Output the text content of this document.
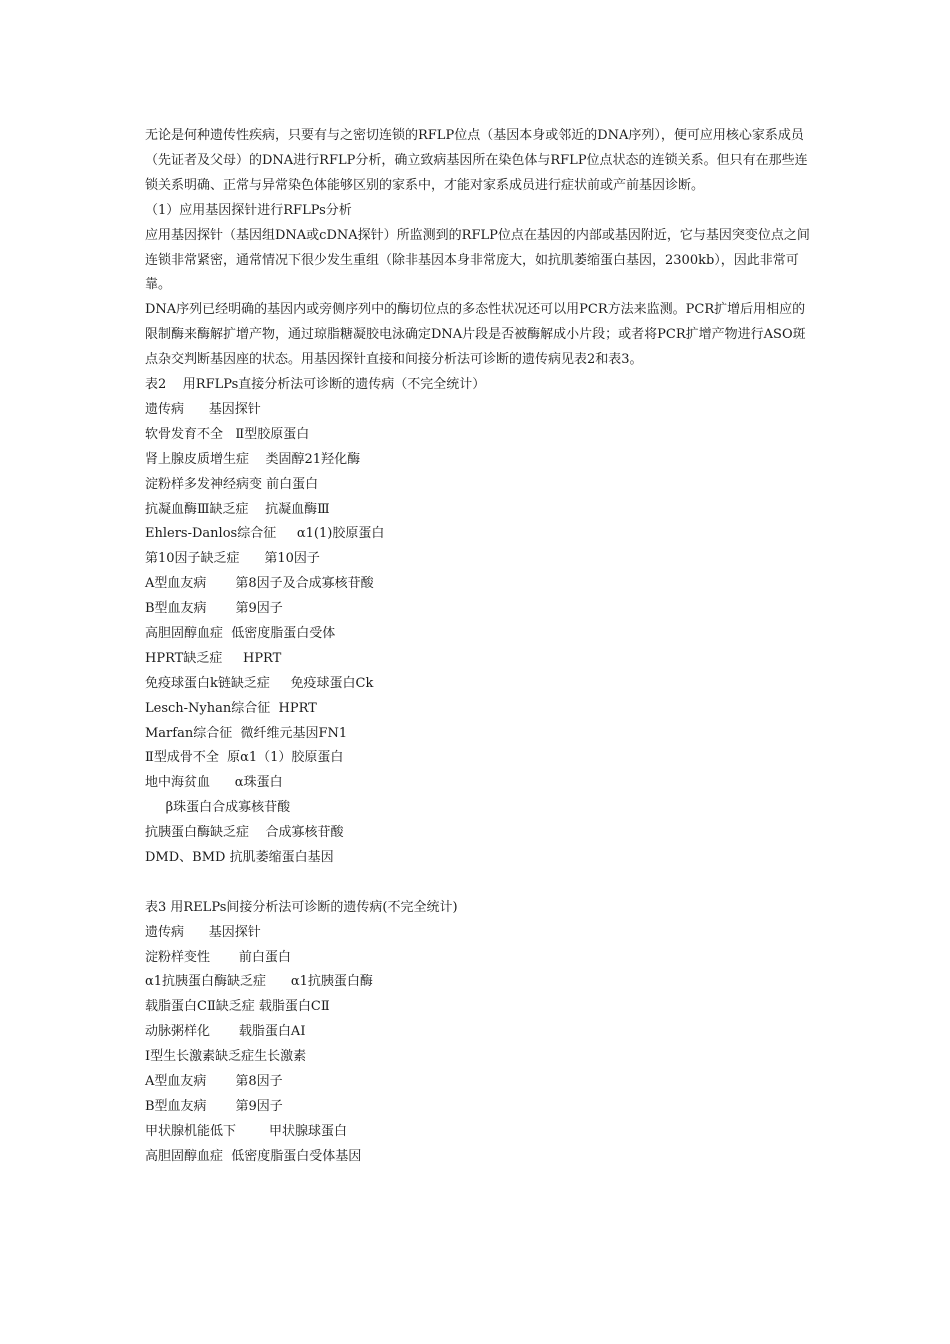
无论是何种遗传性疾病，只要有与之密切连锁的RFLP位点（基因本身或邻近的DNA序列），便可应用核心家系成员（先证者及父母）的DNA进行RFLP分析，确立致病基因所在染色体与RFLP位点状态的连锁关系。但只有在那些连锁关系明确、正常与异常染色体能够区别的家系中，才能对家系成员进行症状前或产前基因诊断。

（1）应用基因探针进行RFLPs分析

应用基因探针（基因组DNA或cDNA探针）所监测到的RFLP位点在基因的内部或基因附近，它与基因突变位点之间连锁非常紧密，通常情况下很少发生重组（除非基因本身非常庞大，如抗肌萎缩蛋白基因，2300kb），因此非常可靠。

DNA序列已经明确的基因内或旁侧序列中的酶切位点的多态性状况还可以用PCR方法来监测。PCR扩增后用相应的限制酶来酶解扩增产物，通过琼脂糖凝胶电泳确定DNA片段是否被酶解成小片段；或者将PCR扩增产物进行ASO斑点杂交判断基因座的状态。用基因探针直接和间接分析法可诊断的遗传病见表2和表3。

表2    用RFLPs直接分析法可诊断的遗传病（不完全统计）

遗传病      基因探针

软骨发育不全   Ⅱ型胶原蛋白

肾上腺皮质增生症    类固醇21羟化酶

淀粉样多发神经病变 前白蛋白

抗凝血酶Ⅲ缺乏症    抗凝血酶Ⅲ

Ehlers-Danlos综合征     α1(1)胶原蛋白

第10因子缺乏症      第10因子

A型血友病       第8因子及合成寡核苷酸

B型血友病       第9因子

高胆固醇血症  低密度脂蛋白受体

HPRT缺乏症     HPRT

免疫球蛋白k链缺乏症     免疫球蛋白Ck

Lesch-Nyhan综合征  HPRT

Marfan综合征  微纤维元基因FN1

Ⅱ型成骨不全  原α1（1）胶原蛋白

地中海贫血      α珠蛋白

β珠蛋白合成寡核苷酸

抗胰蛋白酶缺乏症    合成寡核苷酸

DMD、BMD 抗肌萎缩蛋白基因

表3 用RELPs间接分析法可诊断的遗传病(不完全统计)

遗传病      基因探针

淀粉样变性       前白蛋白

α1抗胰蛋白酶缺乏症      α1抗胰蛋白酶

载脂蛋白CⅡ缺乏症 载脂蛋白CⅡ

动脉粥样化       载脂蛋白AⅠ

Ⅰ型生长激素缺乏症生长激素

A型血友病       第8因子

B型血友病       第9因子

甲状腺机能低下        甲状腺球蛋白

高胆固醇血症  低密度脂蛋白受体基因
